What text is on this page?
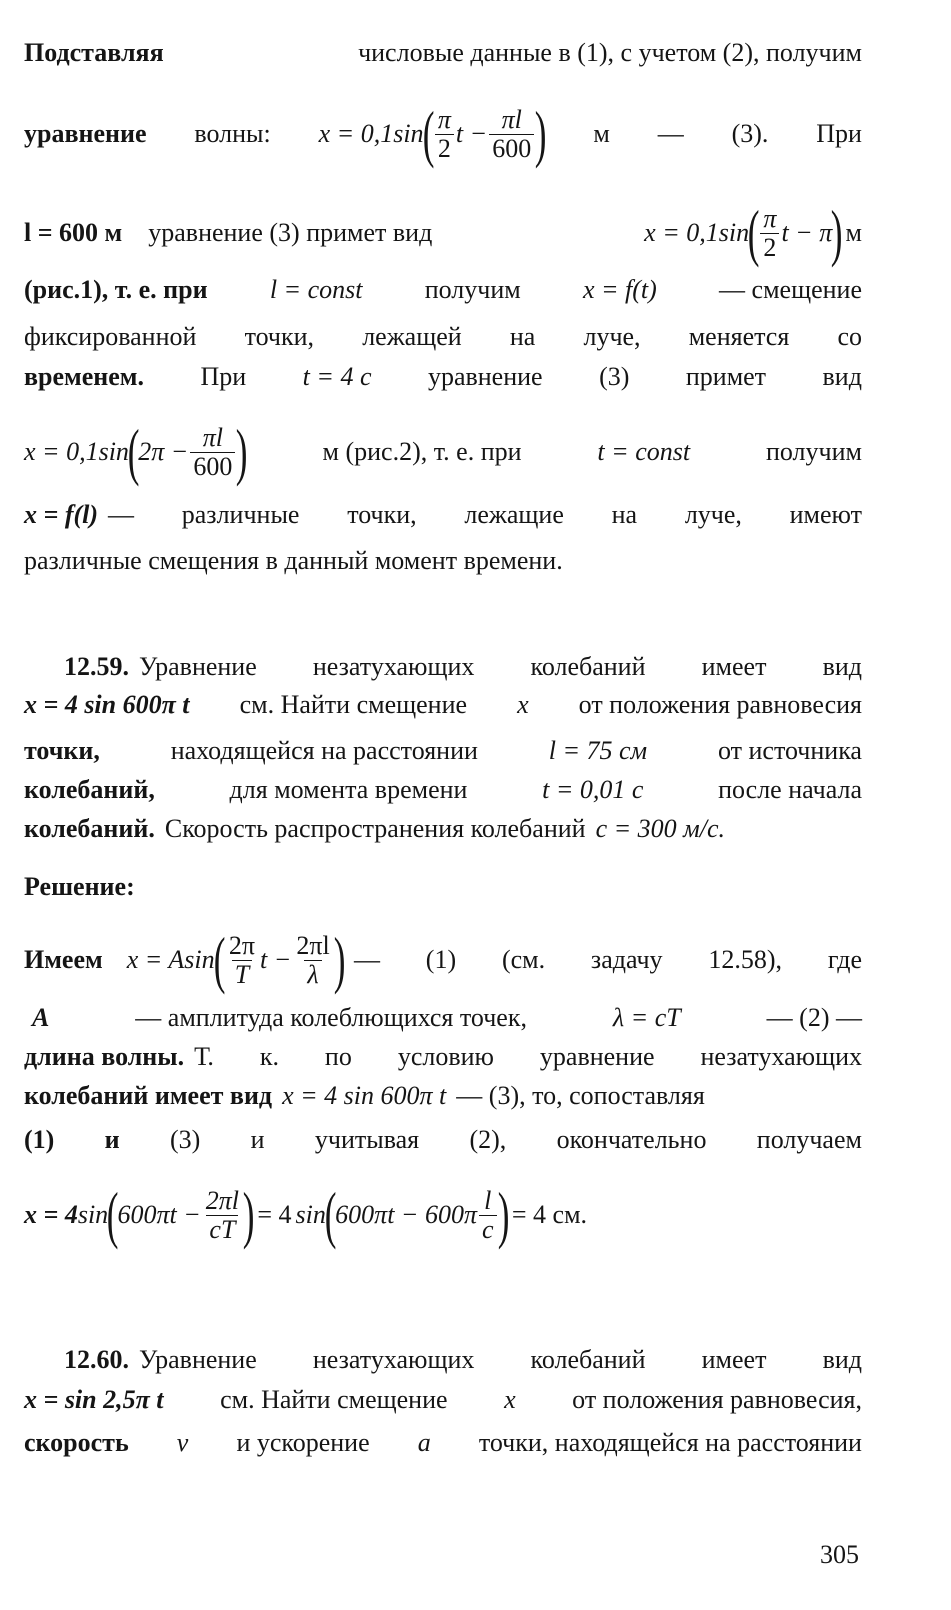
Подставляя	числовые данные в (1), с учетом (2), получим
уравнение волны: x = 0,1 sin
( $\frac{\pi}{2}$ $t - \frac{\pi l}{600}$ ) м — (3). При
l = 600 м уравнение (3) примет вид	x = 0,1 sin
( $\frac{\pi}{2}$ t − π
) м
(рис.1), т. е. при l = const получим x = f(t) — смещение
фиксированной точки, лежащей на луче, меняется со
временем. При t = 4 с уравнение (3) примет вид
x = 0,1 sin
(
$2\pi - \frac{\pi l}{600}$ )	м (рис.2), т. е. при	t = const	получим
x = f(l) — различные точки, лежащие на луче, имеют
различные смещения в данный момент времени.
12.59. Уравнение незатухающих колебаний имеет вид
x = 4 sin 600π t см. Найти смещение x от положения равновесия
точки,	находящейся на расстоянии	l = 75 см	от источника
колебаний,	для момента времени	t = 0,01 с	после начала
колебаний. Скорость распространения колебаний c = 300 м/с.
Решение:
Имеем x = A sin
( $\frac{2\pi}{T}$ $t - \frac{2\pi l}{\lambda}$ ) — (1) (см. задачу 12.58), где
A	— амплитуда колеблющихся точек,	λ = cT	— (2) —
длина волны. Т. к. по условию уравнение незатухающих
колебаний имеет вид x = 4 sin 600π t — (3), то, сопоставляя
(1) и (3) и учитывая (2), окончательно получаем
x = 4 sin
(
$600\pi t - \frac{2\pi l}{cT}$ ) = 4 sin
(
$600\pi t - 600\pi \frac{l}{c}$ ) = 4 см.
12.60. Уравнение незатухающих колебаний имеет вид
x = sin 2,5π t см. Найти смещение x от положения равновесия,
скорость v и ускорение a точки, находящейся на расстоянии
305
